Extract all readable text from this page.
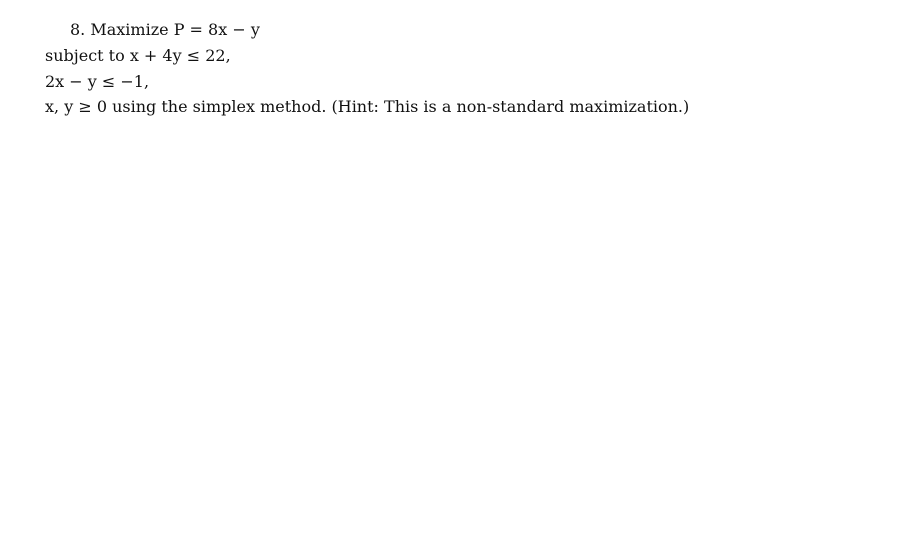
8. Maximize P = 8x − y
subject to x + 4y ≤ 22,
2x − y ≤ −1,
x, y ≥ 0 using the simplex method. (Hint: This is a non-standard maximization.)
